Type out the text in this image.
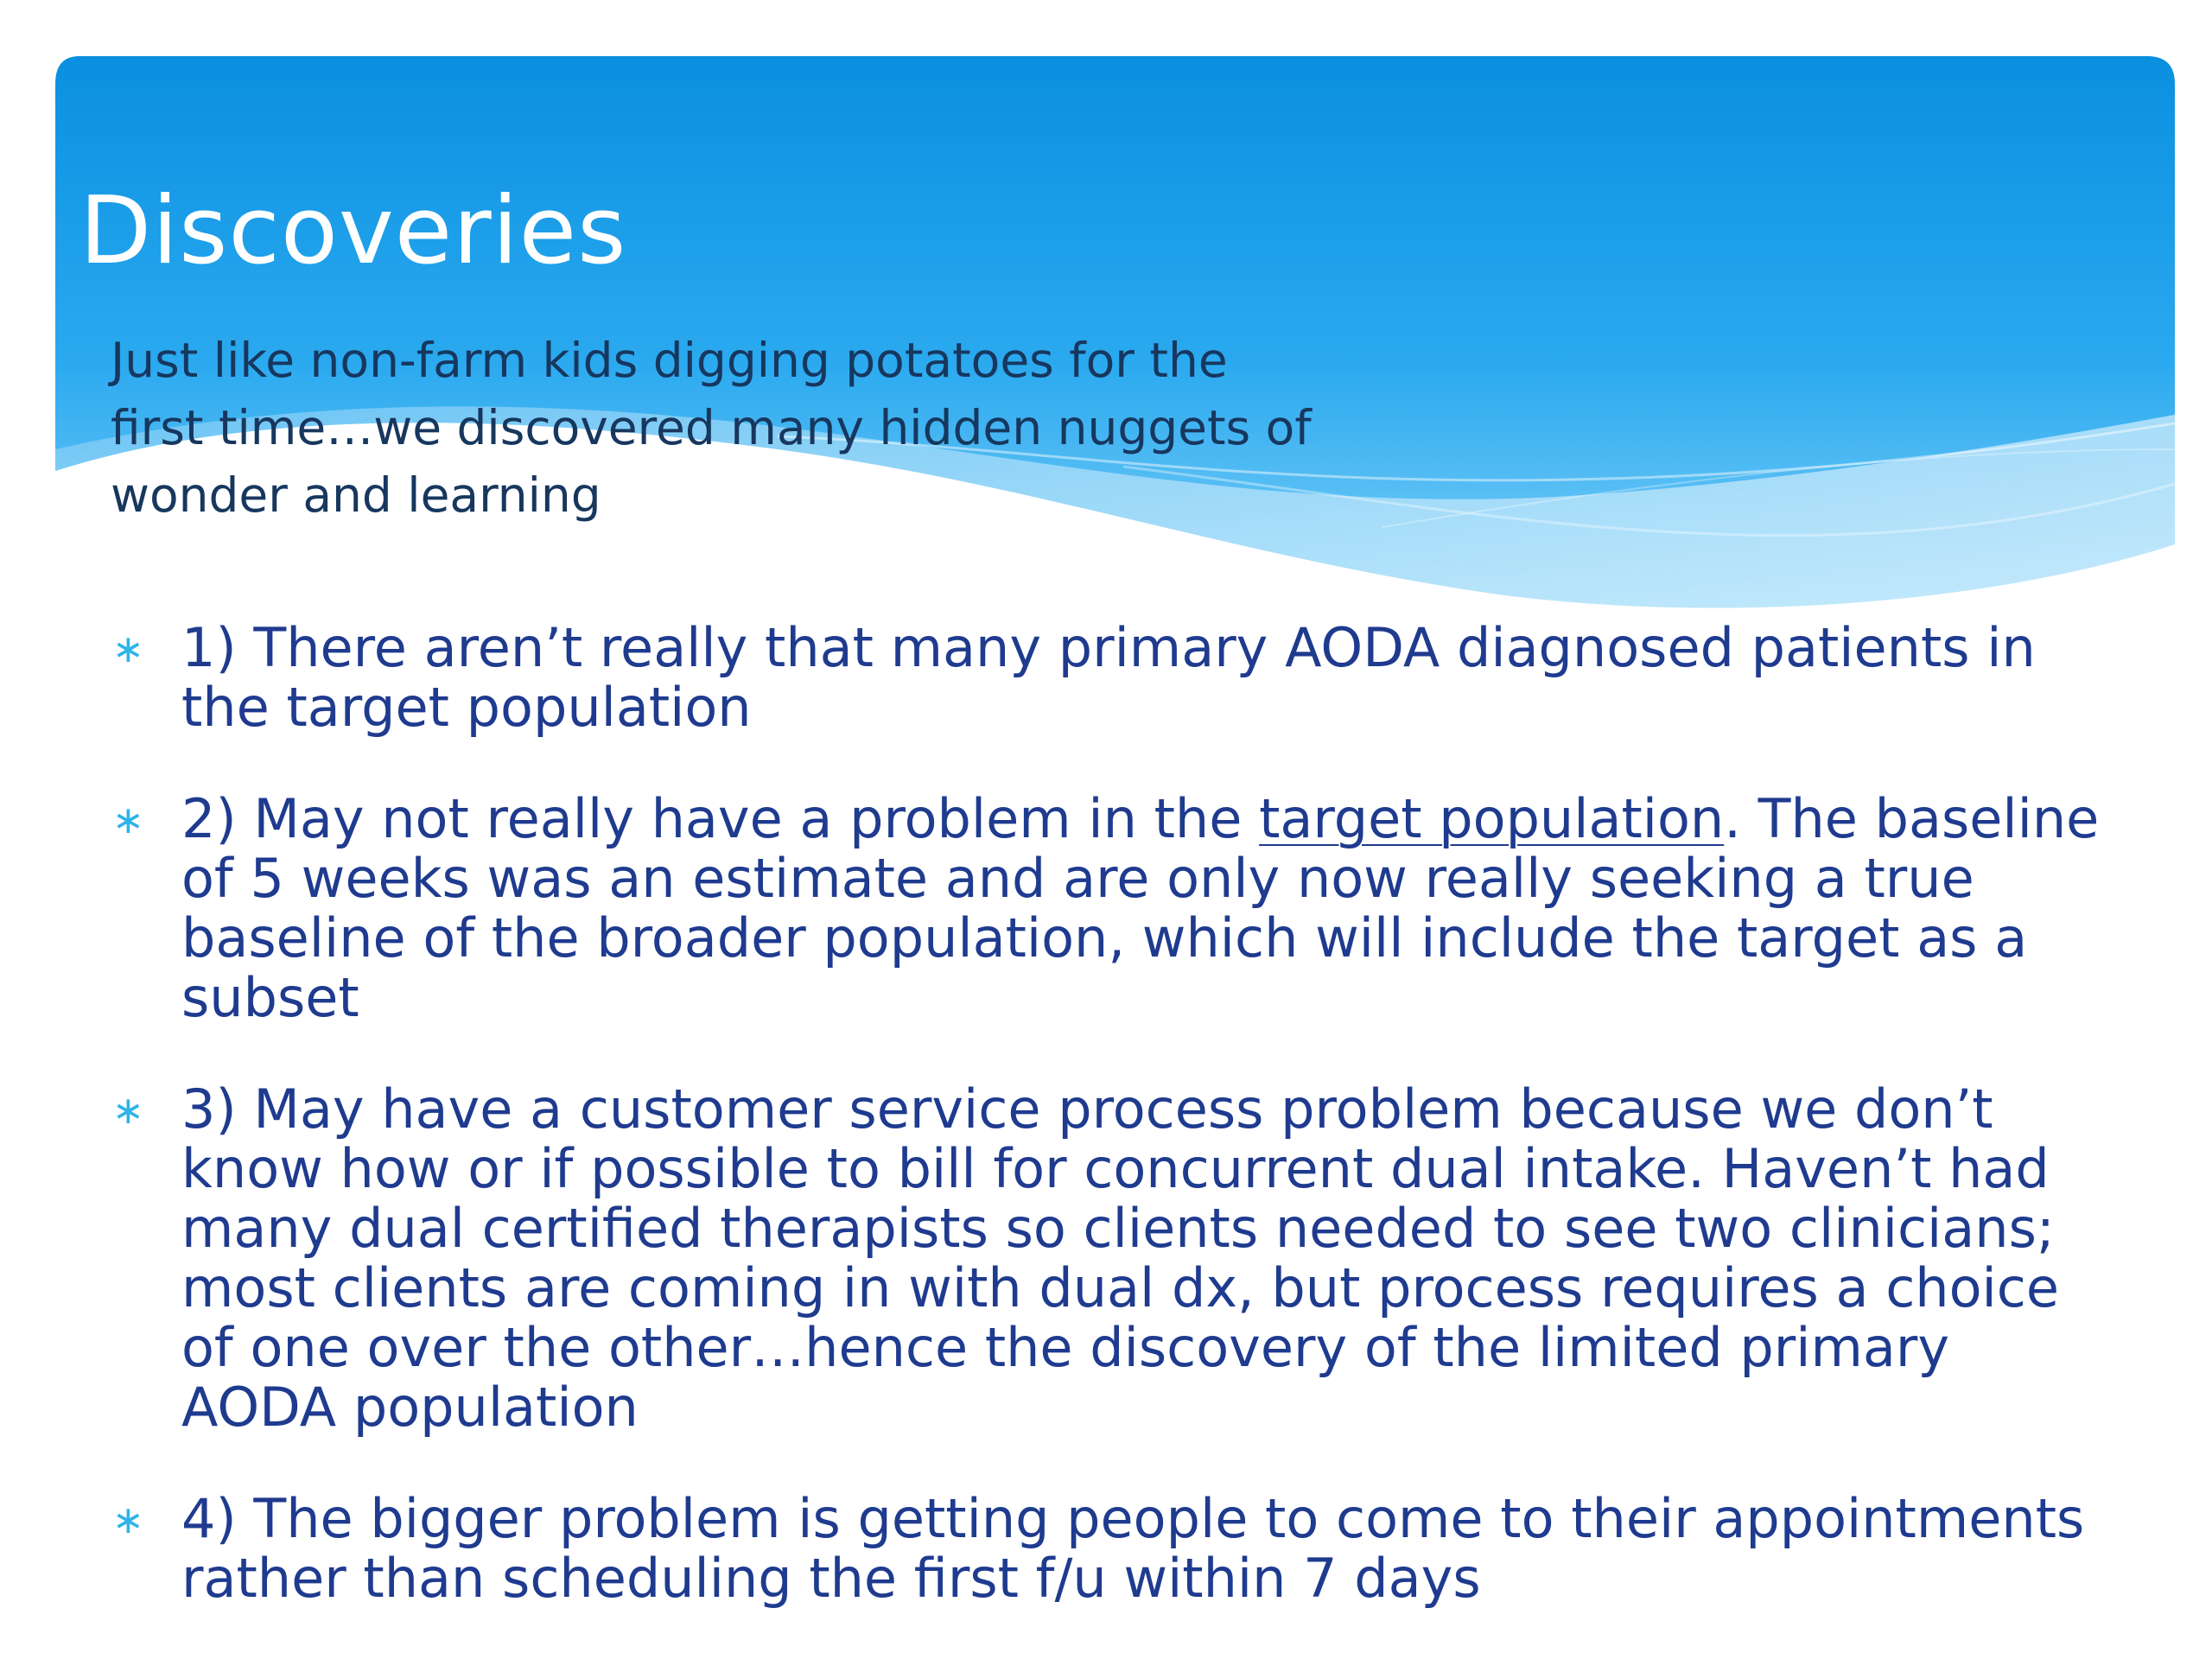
Discoveries

Just like non-farm kids digging potatoes for the first time…we discovered many hidden nuggets of wonder and learning

∗ 1) There aren’t really that many primary AODA diagnosed patients in the target population
∗ 2) May not really have a problem in the target population. The baseline of 5 weeks was an estimate and are only now really seeking a true baseline of the broader population, which will include the target as a subset
∗ 3) May have a customer service process problem because we don’t know how or if possible to bill for concurrent dual intake. Haven’t had many dual certified therapists so clients needed to see two clinicians; most clients are coming in with dual dx, but process requires a choice of one over the other…hence the discovery of the limited primary AODA population
∗ 4) The bigger problem is getting people to come to their appointments rather than scheduling the first f/u within 7 days
